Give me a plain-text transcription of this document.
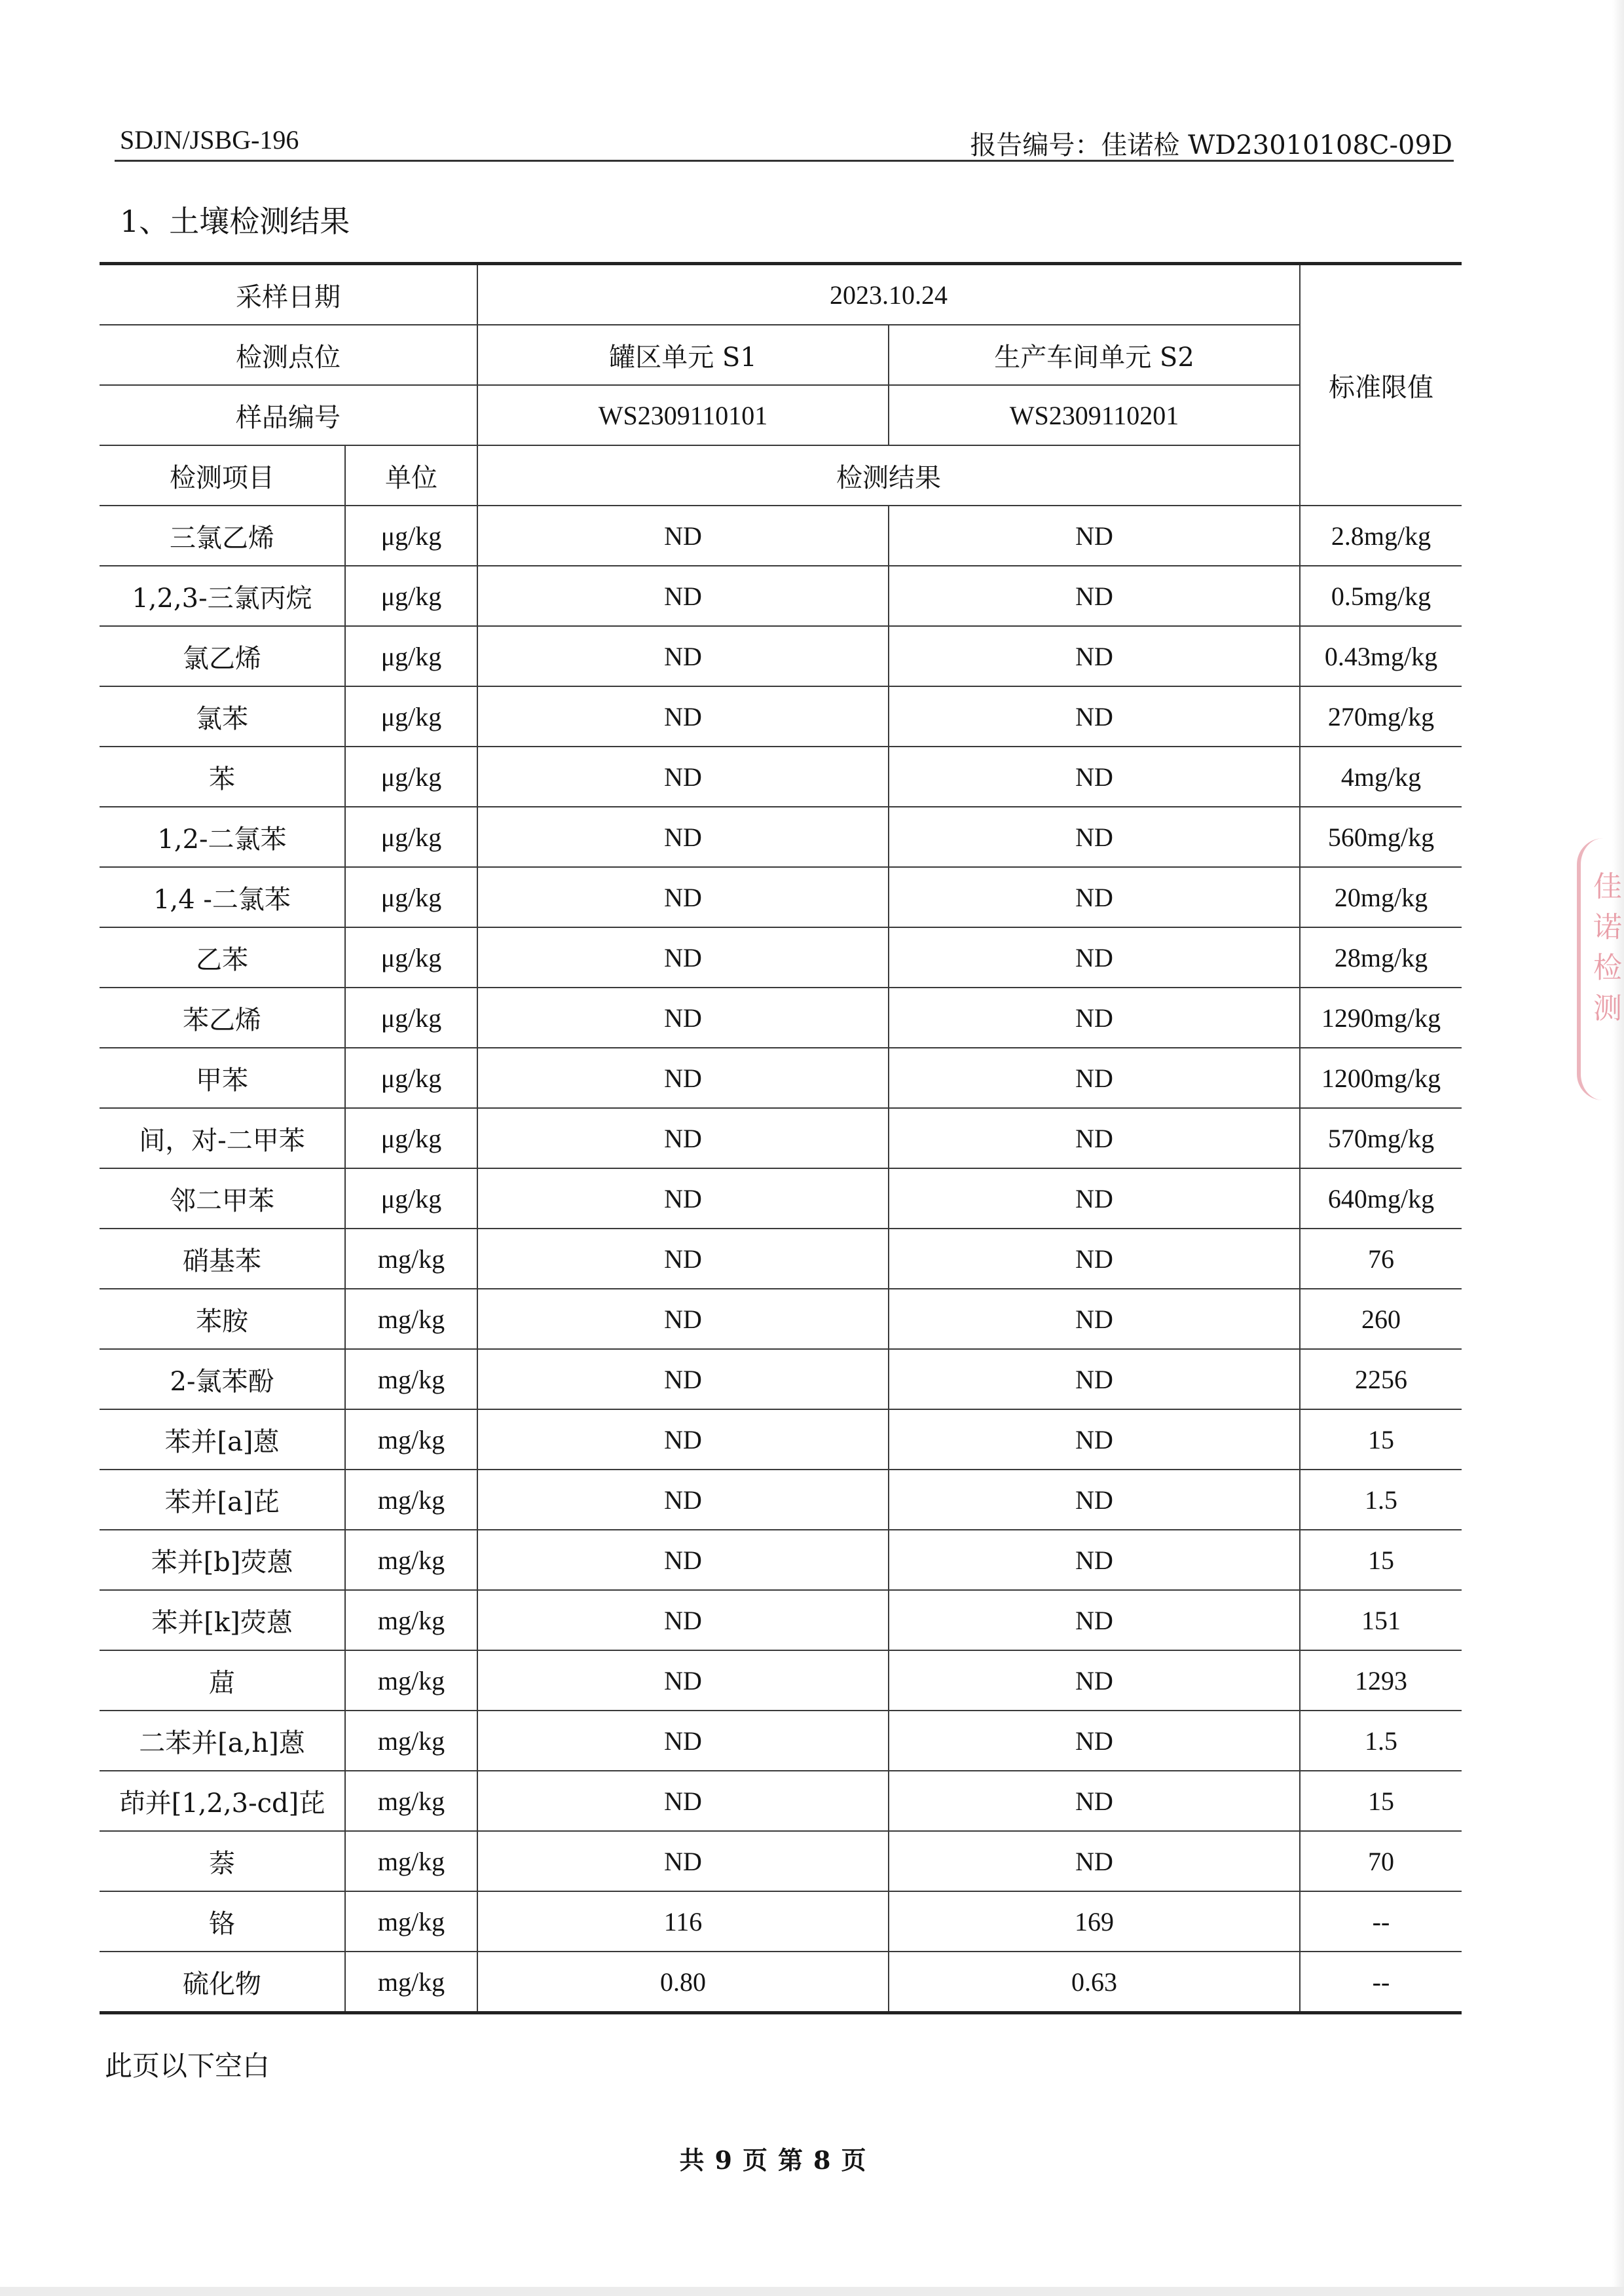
SDJN/JSBG-196	报告编号：佳诺检 WD23010108C-09D
1、土壤检测结果
采样日期		2023.10.24		标准限值
检测点位		罐区单元 S1	生产车间单元 S2	
样品编号		WS2309110101	WS2309110201	
检测项目	单位	检测结果		
三氯乙烯	μg/kg	ND	ND	2.8mg/kg
1,2,3-三氯丙烷	μg/kg	ND	ND	0.5mg/kg
氯乙烯	μg/kg	ND	ND	0.43mg/kg
氯苯	μg/kg	ND	ND	270mg/kg
苯	μg/kg	ND	ND	4mg/kg
1,2-二氯苯	μg/kg	ND	ND	560mg/kg
1,4 -二氯苯	μg/kg	ND	ND	20mg/kg
乙苯	μg/kg	ND	ND	28mg/kg
苯乙烯	μg/kg	ND	ND	1290mg/kg
甲苯	μg/kg	ND	ND	1200mg/kg
间，对-二甲苯	μg/kg	ND	ND	570mg/kg
邻二甲苯	μg/kg	ND	ND	640mg/kg
硝基苯	mg/kg	ND	ND	76
苯胺	mg/kg	ND	ND	260
2-氯苯酚	mg/kg	ND	ND	2256
苯并[a]蒽	mg/kg	ND	ND	15
苯并[a]芘	mg/kg	ND	ND	1.5
苯并[b]荧蒽	mg/kg	ND	ND	15
苯并[k]荧蒽	mg/kg	ND	ND	151
䓛	mg/kg	ND	ND	1293
二苯并[a,h]蒽	mg/kg	ND	ND	1.5
茚并[1,2,3-cd]芘	mg/kg	ND	ND	15
萘	mg/kg	ND	ND	70
铬	mg/kg	116	169	--
硫化物	mg/kg	0.80	0.63	--
此页以下空白
共 9 页 第 8 页
佳诺检测
